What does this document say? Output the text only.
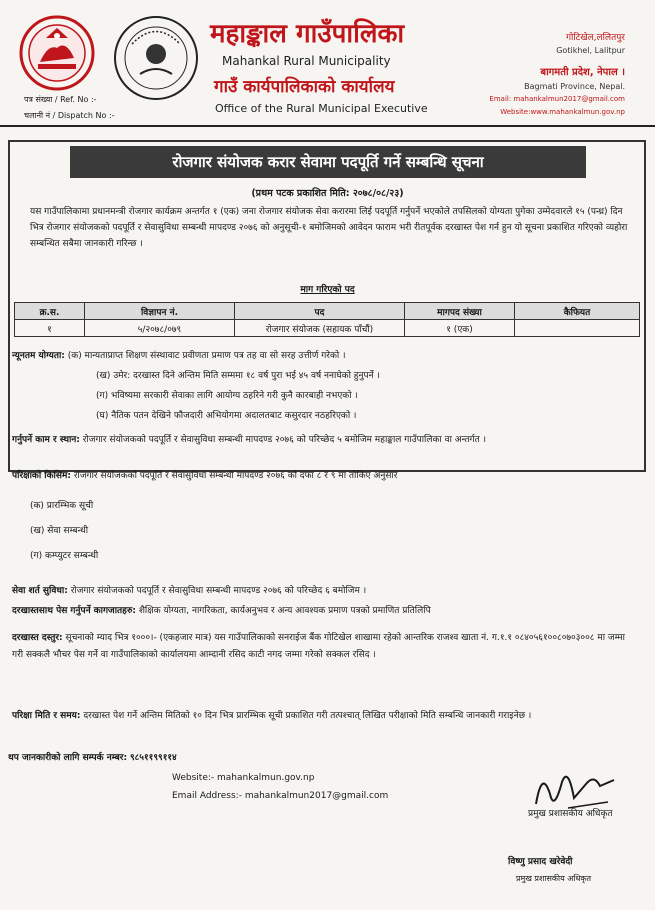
पत्र संख्या / Ref. No :-
चलानी नं / Dispatch No :-
महाङ्काल गाउँपालिका
Mahankal Rural Municipality
गाउँ कार्यपालिकाको कार्यालय
Office of the Rural Municipal Executive
गोटिखेल,ललितपुर
Gotikhel, Lalitpur
बागमती प्रदेश, नेपाल ।
Bagmati Province, Nepal.
Email: mahankalmun2017@gmail.com
Website:www.mahankalmun.gov.np
रोजगार संयोजक करार सेवामा पदपूर्ति गर्ने सम्बन्धि सूचना
(प्रथम पटक प्रकाशित मिति: २०७८/०८/२३)
यस गाउँपालिकामा प्रधानमन्त्री रोजगार कार्यक्रम अन्तर्गत १ (एक) जना रोजगार संयोजक सेवा करारमा लिई पदपूर्ति गर्नुपर्ने भएकोले तपसिलको योग्यता पुगेका उम्मेदवारले १५ (पन्ध्र) दिन भित्र रोजगार संयोजकको पदपूर्ति र सेवासुविधा सम्बन्धी मापदण्ड २०७६ को अनुसूची-१ बमोजिमको आवेदन फाराम भरी रीतपूर्वक दरखास्त पेश गर्न हुन यो सूचना प्रकाशित गरिएको व्यहोरा सम्बन्धित सबैमा जानकारी गरिन्छ ।
माग गरिएको पद
क्र.स.	विज्ञापन नं.	पद	मागपद संख्या	कैफियत
१	५/२०७८/०७९	रोजगार संयोजक (सहायक पाँचौं)	१ (एक)	
न्यूनतम योग्यता: (क) मान्यताप्राप्त शिक्षण संस्थावाट प्रवीणता प्रमाण पत्र तह वा सो सरह उत्तीर्ण गरेको ।
(ख) उमेर: दरखास्त दिने अन्तिम मिति सम्ममा १८ वर्ष पुरा भई ४५ वर्ष ननाघेको हुनुपर्ने ।
(ग) भविष्यमा सरकारी सेवाका लागि आयोग्य ठहरिने गरी कुनै कारबाही नभएको ।
(घ) नैतिक पतन देखिने फौजदारी अभियोगमा अदालतबाट कसुरदार नठहरिएको ।
गर्नुपर्ने काम र स्थान: रोजगार संयोजकको पदपूर्ति र सेवासुविधा सम्बन्धी मापदण्ड २०७६ को परिच्छेद ५ बमोजिम महाङ्काल गाउँपालिका वा अन्तर्गत ।
परिक्षाको किसिम: रोजगार संयोजकको पदपूर्ति र सेवासुविधा सम्बन्धी मापदण्ड २०७६ को दफा ८ र ९ मा तोकिए अनुसार
(क) प्रारम्भिक सूची
(ख) सेवा सम्बन्धी
(ग) कम्प्युटर सम्बन्धी
सेवा शर्त सुविधा: रोजगार संयोजकको पदपूर्ति र सेवासुविधा सम्बन्धी मापदण्ड २०७६ को परिच्छेद ६ बमोजिम ।
दरखास्तसाथ पेस गर्नुपर्ने कागजातहरु: शैक्षिक योग्यता, नागरिकता, कार्यअनुभव र अन्य आवश्यक प्रमाण पत्रको प्रमाणित प्रतिलिपि
दरखास्त दस्तुर: सूचनाको म्याद भित्र १०००।- (एकहजार मात्र) यस गाउँपालिकाको सनराईज बैंक गोटिखेल शाखामा रहेको आन्तरिक राजश्व खाता नं. ग.१.१ ०८४०५६१००८०७०३००८ मा जम्मा गरी सक्कलै भौचर पेस गर्ने वा गाउँपालिकाको कार्यालयमा आम्दानी रसिद काटी नगद जम्मा गरेको सक्कल रसिद ।
परिक्षा मिति र समय: दरखास्त पेश गर्ने अन्तिम मितिको १० दिन भित्र प्रारम्भिक सूची प्रकाशित गरी तत्पश्चात् लिखित परीक्षाको मिति सम्बन्धि जानकारी गराइनेछ ।
थप जानकारीको लागि सम्पर्क नम्बर: ९८५११९९११४
Website:- mahankalmun.gov.np
Email Address:- mahankalmun2017@gmail.com
प्रमुख प्रशासकीय अधिकृत
विष्णु प्रसाद खरेवेदी
प्रमुख प्रशासकीय अधिकृत
